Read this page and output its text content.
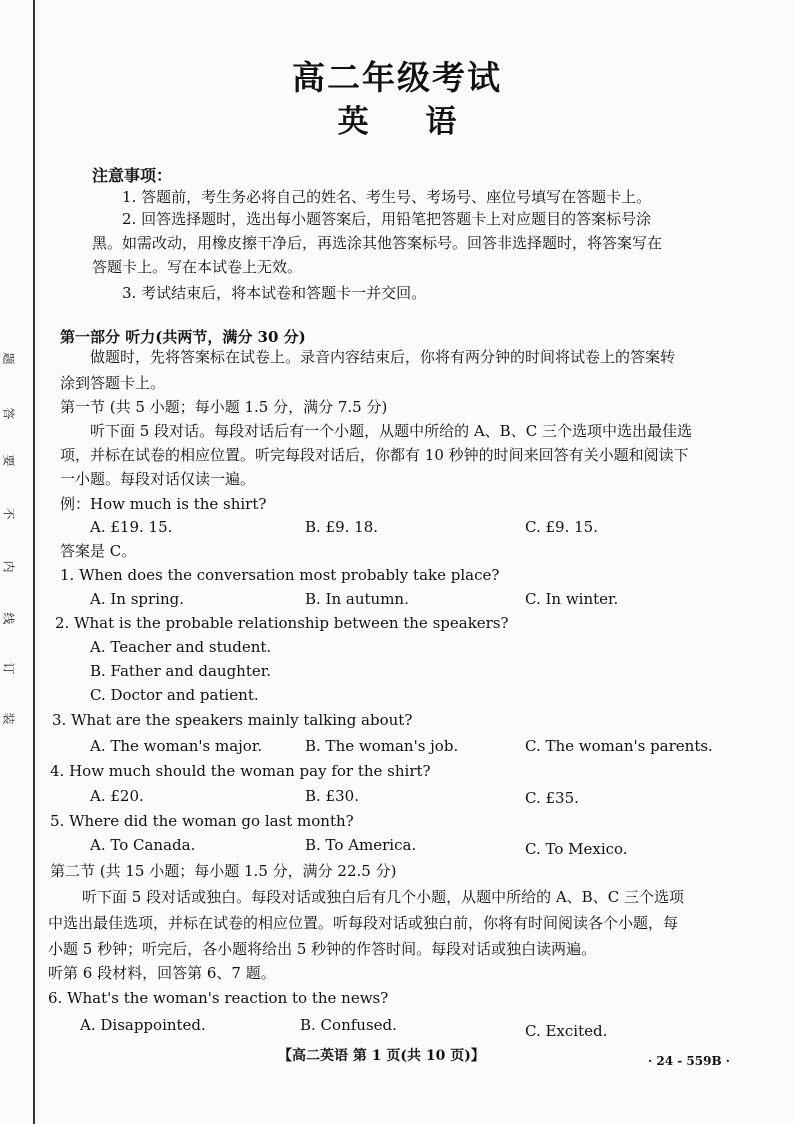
题
答
要
不
内
线
订
装
高二年级考试
英 语
注意事项：
1. 答题前，考生务必将自己的姓名、考生号、考场号、座位号填写在答题卡上。
2. 回答选择题时，选出每小题答案后，用铅笔把答题卡上对应题目的答案标号涂
黑。如需改动，用橡皮擦干净后，再选涂其他答案标号。回答非选择题时，将答案写在
答题卡上。写在本试卷上无效。
3. 考试结束后，将本试卷和答题卡一并交回。
第一部分 听力(共两节，满分 30 分)
做题时，先将答案标在试卷上。录音内容结束后，你将有两分钟的时间将试卷上的答案转
涂到答题卡上。
第一节 (共 5 小题；每小题 1.5 分，满分 7.5 分)
听下面 5 段对话。每段对话后有一个小题，从题中所给的 A、B、C 三个选项中选出最佳选
项，并标在试卷的相应位置。听完每段对话后，你都有 10 秒钟的时间来回答有关小题和阅读下
一小题。每段对话仅读一遍。
例：How much is the shirt?
A. £19. 15.	B. £9. 18.	C. £9. 15.
答案是 C。
1. When does the conversation most probably take place?
A. In spring.	B. In autumn.	C. In winter.
2. What is the probable relationship between the speakers?
A. Teacher and student.
B. Father and daughter.
C. Doctor and patient.
3. What are the speakers mainly talking about?
A. The woman's major.	B. The woman's job.	C. The woman's parents.
4. How much should the woman pay for the shirt?
A. £20.	B. £30.	C. £35.
5. Where did the woman go last month?
A. To Canada.	B. To America.	C. To Mexico.
第二节 (共 15 小题；每小题 1.5 分，满分 22.5 分)
听下面 5 段对话或独白。每段对话或独白后有几个小题，从题中所给的 A、B、C 三个选项
中选出最佳选项，并标在试卷的相应位置。听每段对话或独白前，你将有时间阅读各个小题，每
小题 5 秒钟；听完后，各小题将给出 5 秒钟的作答时间。每段对话或独白读两遍。
听第 6 段材料，回答第 6、7 题。
6. What's the woman's reaction to the news?
A. Disappointed.	B. Confused.	C. Excited.
【高二英语 第 1 页(共 10 页)】	· 24 - 559B ·
